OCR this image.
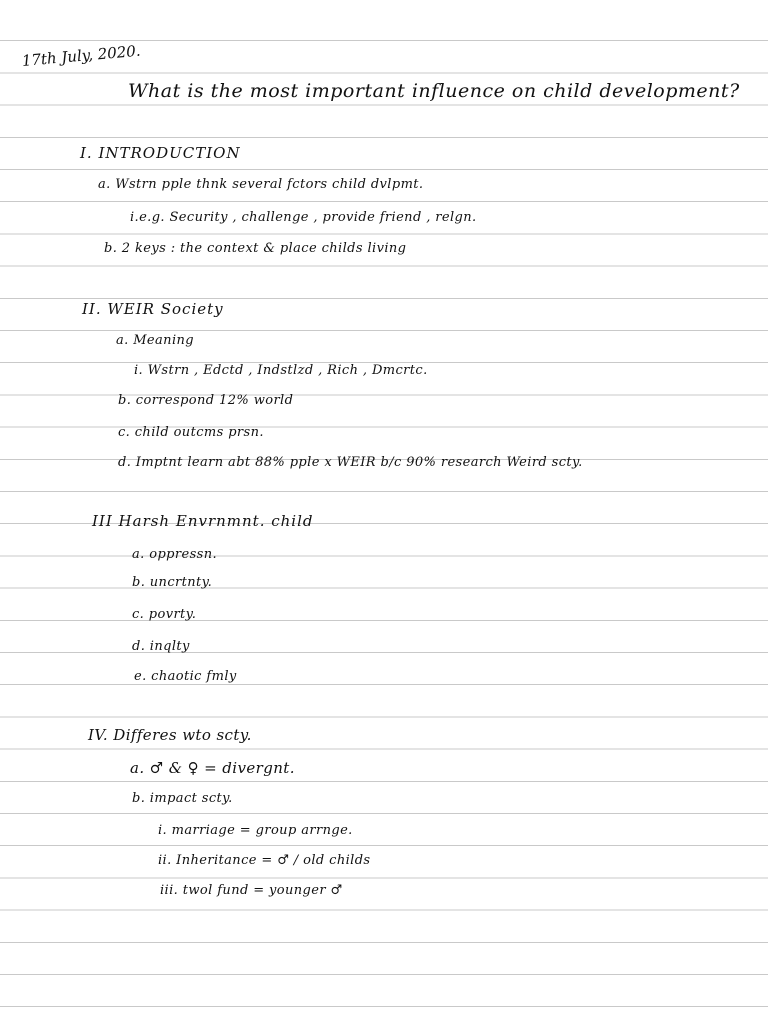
17th July, 2020.
What is the most important influence on child development?
I. INTRODUCTION
a. Wstrn pple thnk several fctors child dvlpmt.
i.e.g. Security , challenge , provide friend , relgn.
b. 2 keys : the context & place childs living
II. WEIR Society
a. Meaning
i. Wstrn , Edctd , Indstlzd , Rich , Dmcrtc.
b. correspond 12% world
c. child outcms prsn.
d. Imptnt learn abt 88% pple x WEIR b/c 90% research Weird scty.
III Harsh Envrnmnt. child
a. oppressn.
b. uncrtnty.
c. povrty.
d. inqlty
e. chaotic fmly
IV. Differes wto scty.
a. ♂ & ♀ = divergnt.
b. impact scty.
i. marriage = group arrnge.
ii. Inheritance = ♂ / old childs
iii. twol fund = younger ♂
